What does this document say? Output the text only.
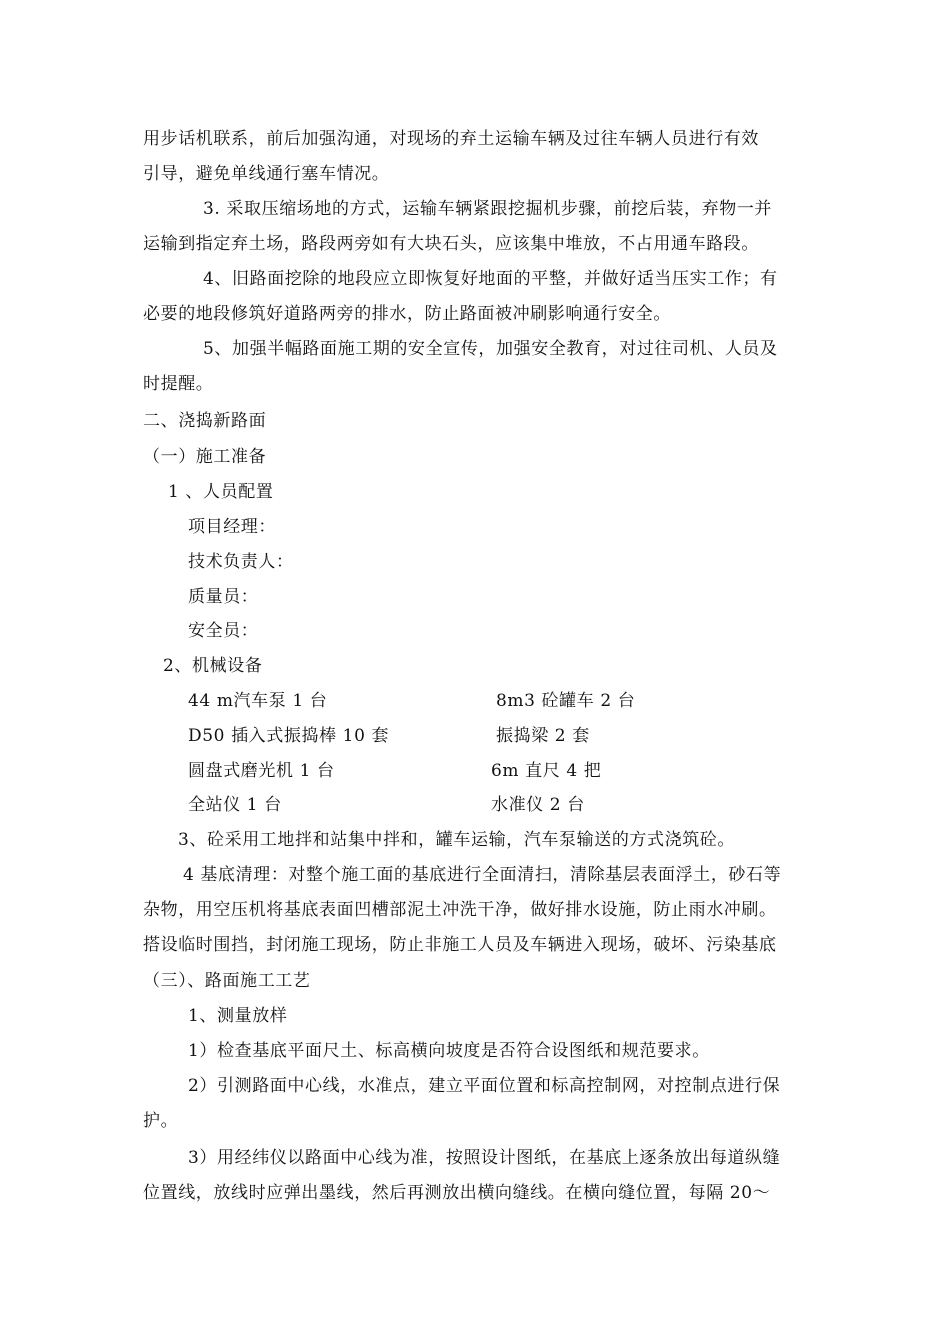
用步话机联系，前后加强沟通，对现场的弃土运输车辆及过往车辆人员进行有效
引导，避免单线通行塞车情况。
3. 采取压缩场地的方式，运输车辆紧跟挖掘机步骤，前挖后装，弃物一并
运输到指定弃土场，路段两旁如有大块石头，应该集中堆放，不占用通车路段。
4、旧路面挖除的地段应立即恢复好地面的平整，并做好适当压实工作；有
必要的地段修筑好道路两旁的排水，防止路面被冲刷影响通行安全。
5、加强半幅路面施工期的安全宣传，加强安全教育，对过往司机、人员及
时提醒。
二、浇捣新路面
（一）施工准备
1 、人员配置
项目经理：
技术负责人：
质量员：
安全员：
2、机械设备
44 m汽车泵 1 台	8m3 砼罐车 2 台
D50 插入式振捣棒 10 套	振捣梁 2 套
圆盘式磨光机 1 台	6m 直尺 4 把
全站仪 1 台	水准仪 2 台
3、砼采用工地拌和站集中拌和，罐车运输，汽车泵输送的方式浇筑砼。
4 基底清理：对整个施工面的基底进行全面清扫，清除基层表面浮土，砂石等
杂物，用空压机将基底表面凹槽部泥土冲洗干净，做好排水设施，防止雨水冲刷。
搭设临时围挡，封闭施工现场，防止非施工人员及车辆进入现场，破坏、污染基底
（三）、路面施工工艺
1、测量放样
1）检查基底平面尺土、标高横向坡度是否符合设图纸和规范要求。
2）引测路面中心线，水准点，建立平面位置和标高控制网，对控制点进行保
护。
3）用经纬仪以路面中心线为准，按照设计图纸，在基底上逐条放出每道纵缝
位置线，放线时应弹出墨线，然后再测放出横向缝线。在横向缝位置，每隔 20～
